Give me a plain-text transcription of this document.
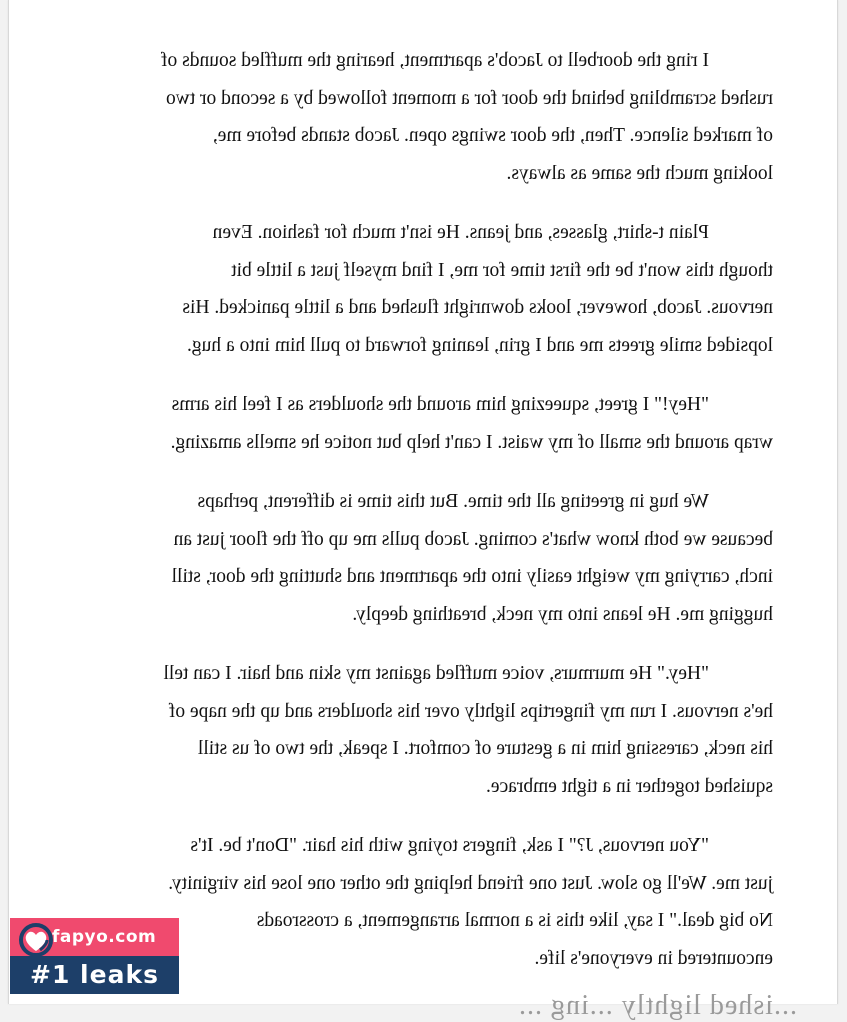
I ring the doorbell to Jacob's apartment, hearing the muffled sounds of
rushed scrambling behind the door for a moment followed by a second or two
of marked silence. Then, the door swings open. Jacob stands before me,
looking much the same as always.
Plain t-shirt, glasses, and jeans. He isn't much for fashion. Even
though this won't be the first time for me, I find myself just a little bit
nervous. Jacob, however, looks downright flushed and a little panicked. His
lopsided smile greets me and I grin, leaning forward to pull him into a hug.
"Hey!" I greet, squeezing him around the shoulders as I feel his arms
wrap around the small of my waist. I can't help but notice he smells amazing.
We hug in greeting all the time. But this time is different, perhaps
because we both know what's coming. Jacob pulls me up off the floor just an
inch, carrying my weight easily into the apartment and shutting the door, still
hugging me. He leans into my neck, breathing deeply.
"Hey." He murmurs, voice muffled against my skin and hair. I can tell
he's nervous. I run my fingertips lightly over his shoulders and up the nape of
his neck, caressing him in a gesture of comfort. I speak, the two of us still
squished together in a tight embrace.
"You nervous, J?" I ask, fingers toying with his hair. "Don't be. It's
just me. We'll go slow. Just one friend helping the other one lose his virginity.
No big deal." I say, like this is a normal arrangement, a crossroads
encountered in everyone's life.
...ished lightly ...ing ...
fapyo.com
#1 leaks
